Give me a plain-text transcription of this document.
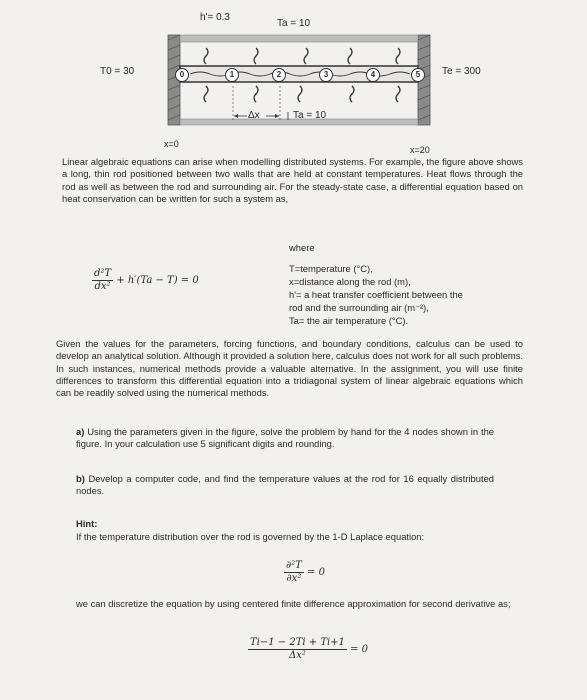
0	1	2	3	4	5
h'= 0.3
Ta = 10
T0 = 30	Te = 300
Δx	Ta = 10
x=0
x=20
Linear algebraic equations can arise when modelling distributed systems. For example, the figure above shows a long, thin rod positioned between two walls that are held at constant temperatures. Heat flows through the rod as well as between the rod and surrounding air. For the steady-state case, a differential equation based on heat conservation can be written for such a system as,
$\frac{\text{d²T}}{\text{dx²}} + h'(Ta - T) = 0$
where
T=temperature (°C),
x=distance along the rod (m),
h'= a heat transfer coefficient between the
rod and the surrounding air (m⁻²),
Ta= the air temperature (°C).
Given the values for the parameters, forcing functions, and boundary conditions, calculus can be used to develop an analytical solution. Although it provided a solution here, calculus does not work for all such problems. In such instances, numerical methods provide a valuable alternative. In the assignment, you will use finite differences to transform this differential equation into a tridiagonal system of linear algebraic equations which can be readily solved using the numerical methods.
a) Using the parameters given in the figure, solve the problem by hand for the 4 nodes shown in the figure. In your calculation use 5 significant digits and rounding.
b) Develop a computer code, and find the temperature values at the rod for 16 equally distributed nodes.
Hint:
If the temperature distribution over the rod is governed by the 1-D Laplace equation:
$\frac{\text{∂²T}}{\text{∂x²}} = 0$
we can discretize the equation by using centered finite difference approximation for second derivative as;
$\frac{Ti-1 - 2Ti + Ti+1}{\text{Δx²}} = 0$
